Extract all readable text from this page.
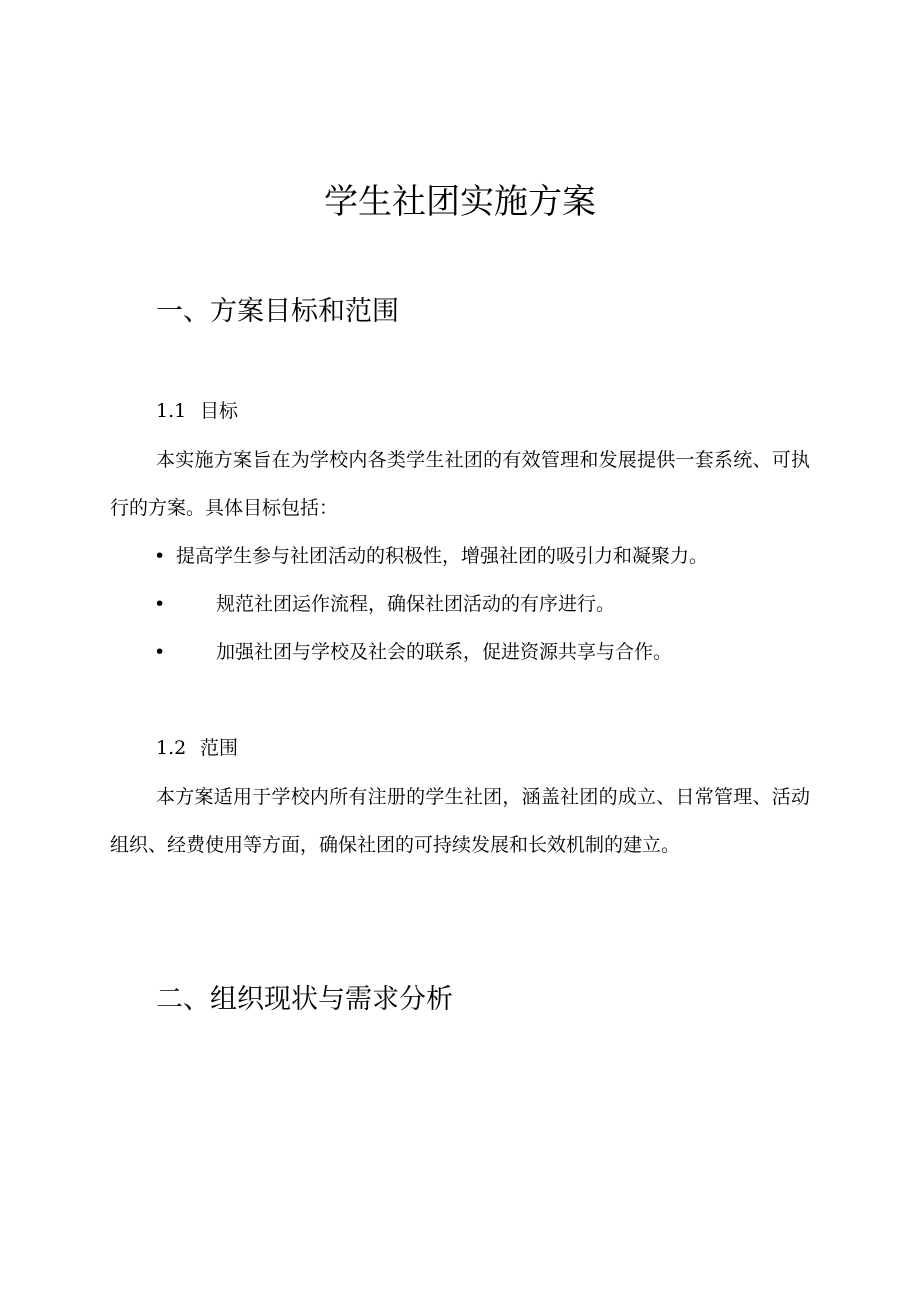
学生社团实施方案
一、方案目标和范围
1.1 目标

本实施方案旨在为学校内各类学生社团的有效管理和发展提供一套系统、可执行的方案。具体目标包括：

• 提高学生参与社团活动的积极性，增强社团的吸引力和凝聚力。
•	规范社团运作流程，确保社团活动的有序进行。
•	加强社团与学校及社会的联系，促进资源共享与合作。
1.2 范围

本方案适用于学校内所有注册的学生社团，涵盖社团的成立、日常管理、活动组织、经费使用等方面，确保社团的可持续发展和长效机制的建立。

二、组织现状与需求分析
